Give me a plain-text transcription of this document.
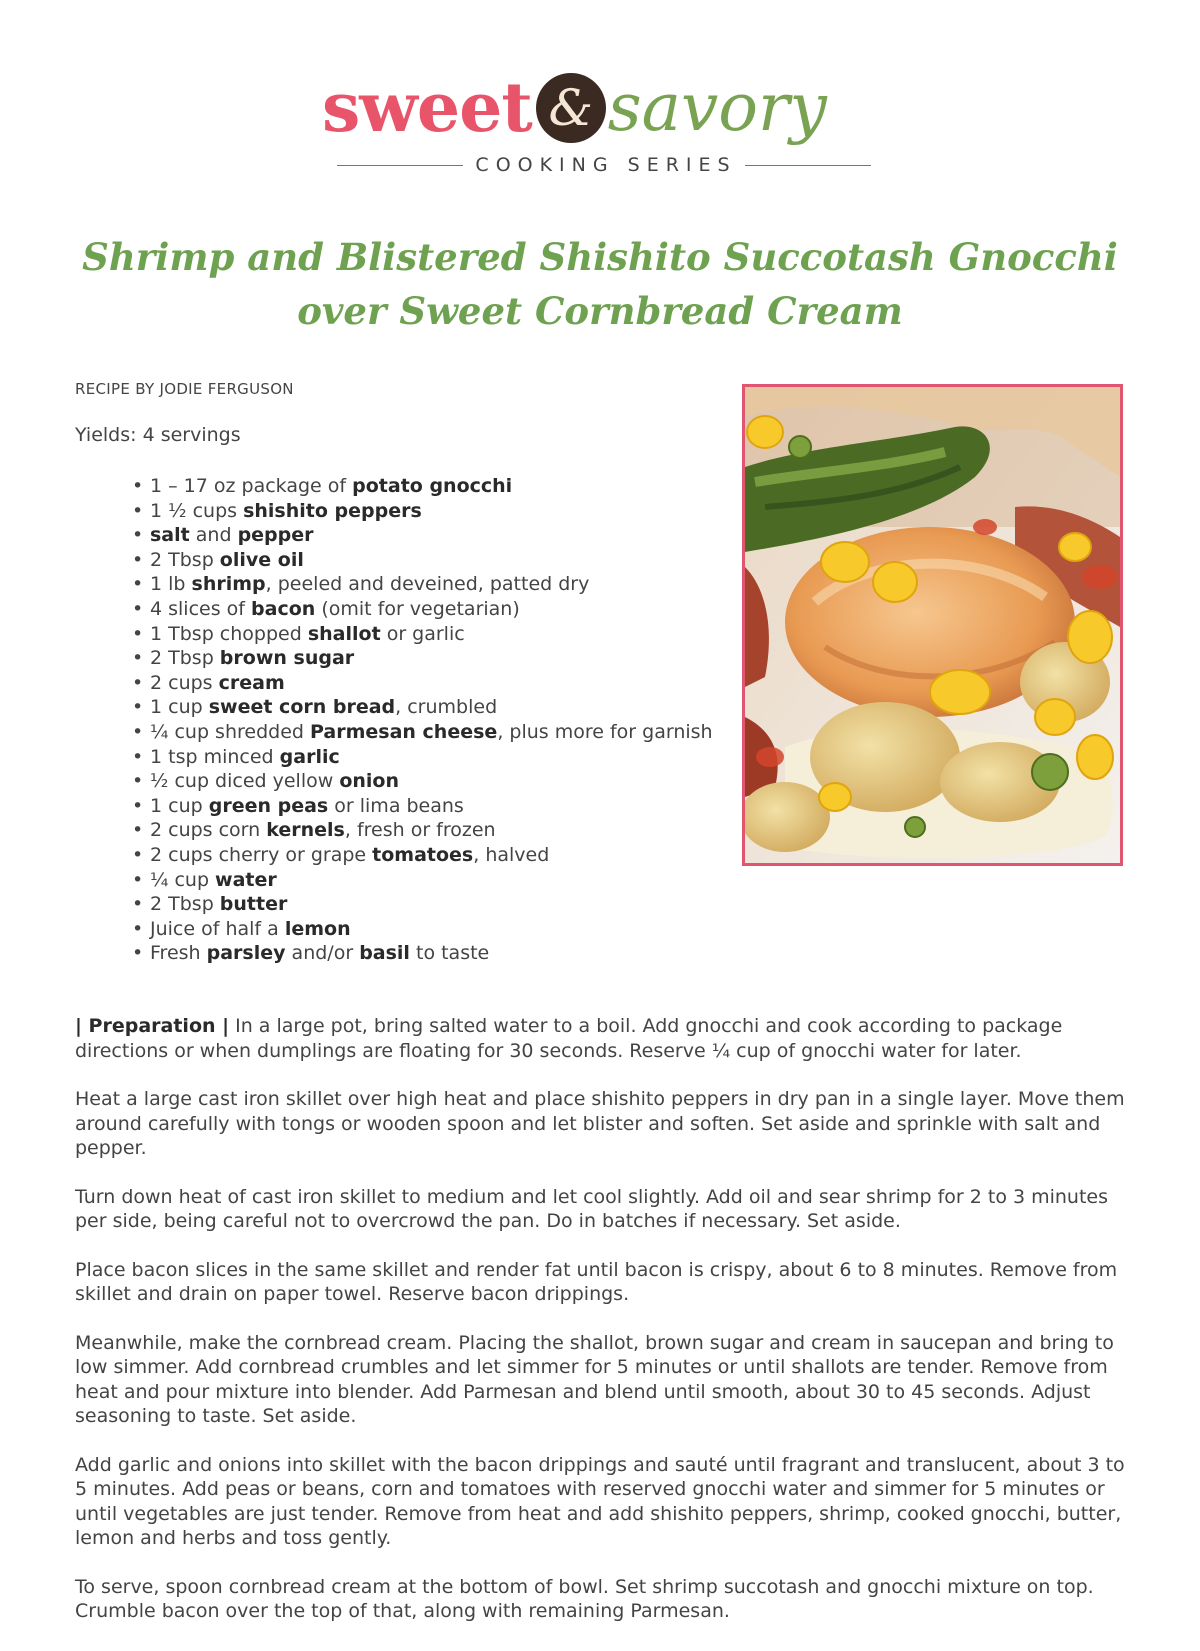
sweet & savory
COOKING SERIES
Shrimp and Blistered Shishito Succotash Gnocchi
over Sweet Cornbread Cream
RECIPE BY JODIE FERGUSON
Yields: 4 servings
• 1 – 17 oz package of potato gnocchi
• 1 ½ cups shishito peppers
• salt and pepper
• 2 Tbsp olive oil
• 1 lb shrimp, peeled and deveined, patted dry
• 4 slices of bacon (omit for vegetarian)
• 1 Tbsp chopped shallot or garlic
• 2 Tbsp brown sugar
• 2 cups cream
• 1 cup sweet corn bread, crumbled
• ¼ cup shredded Parmesan cheese, plus more for garnish
• 1 tsp minced garlic
• ½ cup diced yellow onion
• 1 cup green peas or lima beans
• 2 cups corn kernels, fresh or frozen
• 2 cups cherry or grape tomatoes, halved
• ¼ cup water
• 2 Tbsp butter
• Juice of half a lemon
• Fresh parsley and/or basil to taste

| Preparation | In a large pot, bring salted water to a boil. Add gnocchi and cook according to package directions or when dumplings are floating for 30 seconds. Reserve ¼ cup of gnocchi water for later.

Heat a large cast iron skillet over high heat and place shishito peppers in dry pan in a single layer. Move them around carefully with tongs or wooden spoon and let blister and soften. Set aside and sprinkle with salt and pepper.

Turn down heat of cast iron skillet to medium and let cool slightly. Add oil and sear shrimp for 2 to 3 minutes per side, being careful not to overcrowd the pan. Do in batches if necessary. Set aside.

Place bacon slices in the same skillet and render fat until bacon is crispy, about 6 to 8 minutes. Remove from skillet and drain on paper towel. Reserve bacon drippings.

Meanwhile, make the cornbread cream. Placing the shallot, brown sugar and cream in saucepan and bring to low simmer. Add cornbread crumbles and let simmer for 5 minutes or until shallots are tender. Remove from heat and pour mixture into blender. Add Parmesan and blend until smooth, about 30 to 45 seconds. Adjust seasoning to taste. Set aside.

Add garlic and onions into skillet with the bacon drippings and sauté until fragrant and translucent, about 3 to 5 minutes. Add peas or beans, corn and tomatoes with reserved gnocchi water and simmer for 5 minutes or until vegetables are just tender. Remove from heat and add shishito peppers, shrimp, cooked gnocchi, butter, lemon and herbs and toss gently.

To serve, spoon cornbread cream at the bottom of bowl. Set shrimp succotash and gnocchi mixture on top. Crumble bacon over the top of that, along with remaining Parmesan.
